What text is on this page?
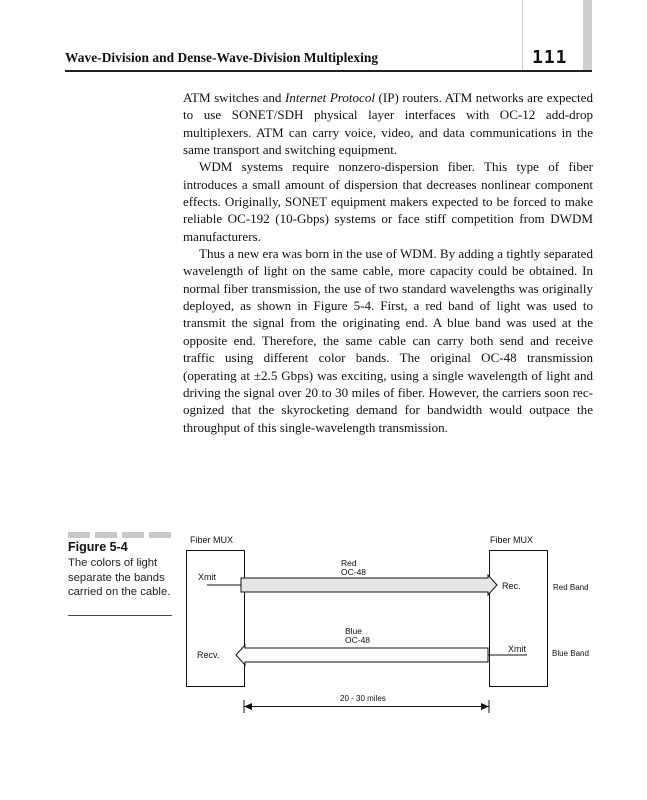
Wave-Division and Dense-Wave-Division Multiplexing	111

ATM switches and Internet Protocol (IP) routers. ATM networks are expected to use SONET/SDH physical layer interfaces with OC-12 add-drop multiplexers. ATM can carry voice, video, and data communications in the same transport and switching equipment.

WDM systems require nonzero-dispersion fiber. This type of fiber introduces a small amount of dispersion that decreases nonlinear component effects. Originally, SONET equipment makers expected to be forced to make reliable OC-192 (10-Gbps) systems or face stiff competition from DWDM manufacturers.

Thus a new era was born in the use of WDM. By adding a tightly separated wavelength of light on the same cable, more capacity could be obtained. In normal fiber transmission, the use of two standard wavelengths was originally deployed, as shown in Figure 5-4. First, a red band of light was used to transmit the signal from the originating end. A blue band was used at the opposite end. Therefore, the same cable can carry both send and receive traffic using different color bands. The original OC-48 transmission (operating at ±2.5 Gbps) was exciting, using a single wavelength of light and driving the signal over 20 to 30 miles of fiber. However, the carriers soon recognized that the skyrocketing demand for bandwidth would outpace the throughput of this single-wavelength transmission.

Figure 5-4
The colors of light separate the bands carried on the cable.
Fiber MUX	Fiber MUX
Xmit
Red
OC-48
Rec.	Red Band
Blue
OC-48
Recv.
Xmit	Blue Band
20 - 30 miles
